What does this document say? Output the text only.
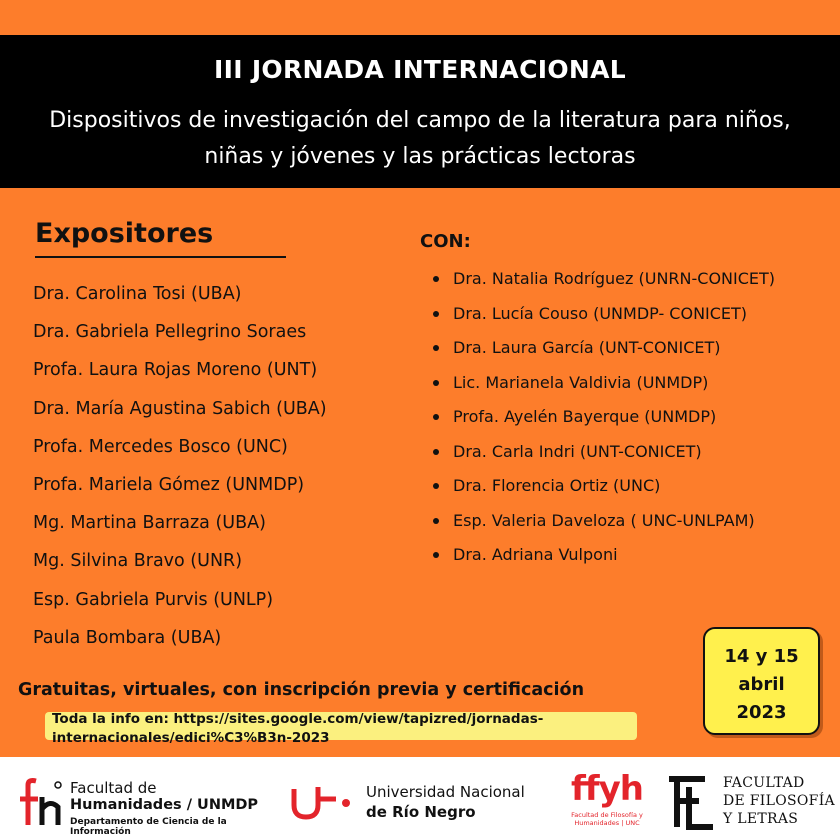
III JORNADA INTERNACIONAL
Dispositivos de investigación del campo de la literatura para niños,
niñas y jóvenes y las prácticas lectoras
Expositores
Dra. Carolina Tosi (UBA)
Dra. Gabriela Pellegrino Soraes
Profa. Laura Rojas Moreno (UNT)
Dra. María Agustina Sabich (UBA)
Profa. Mercedes Bosco (UNC)
Profa. Mariela Gómez (UNMDP)
Mg. Martina Barraza (UBA)
Mg. Silvina Bravo (UNR)
Esp. Gabriela Purvis (UNLP)
Paula Bombara (UBA)
CON:
Dra. Natalia Rodríguez (UNRN-CONICET)
Dra. Lucía Couso (UNMDP- CONICET)
Dra. Laura García (UNT-CONICET)
Lic. Marianela Valdivia (UNMDP)
Profa. Ayelén Bayerque (UNMDP)
Dra. Carla Indri (UNT-CONICET)
Dra. Florencia Ortiz (UNC)
Esp. Valeria Daveloza ( UNC-UNLPAM)
Dra. Adriana Vulponi
14 y 15
abril
2023
Gratuitas, virtuales, con inscripción previa y certificación
Toda la info en: https://sites.google.com/view/tapizred/jornadas-internacionales/edici%C3%B3n-2023
Facultad de
Humanidades / UNMDP
Departamento de Ciencia de la Información
Universidad Nacional
de Río Negro
ffyh
Facultad de Filosofía y Humanidades | UNC
FACULTAD
DE FILOSOFÍA
Y LETRAS
